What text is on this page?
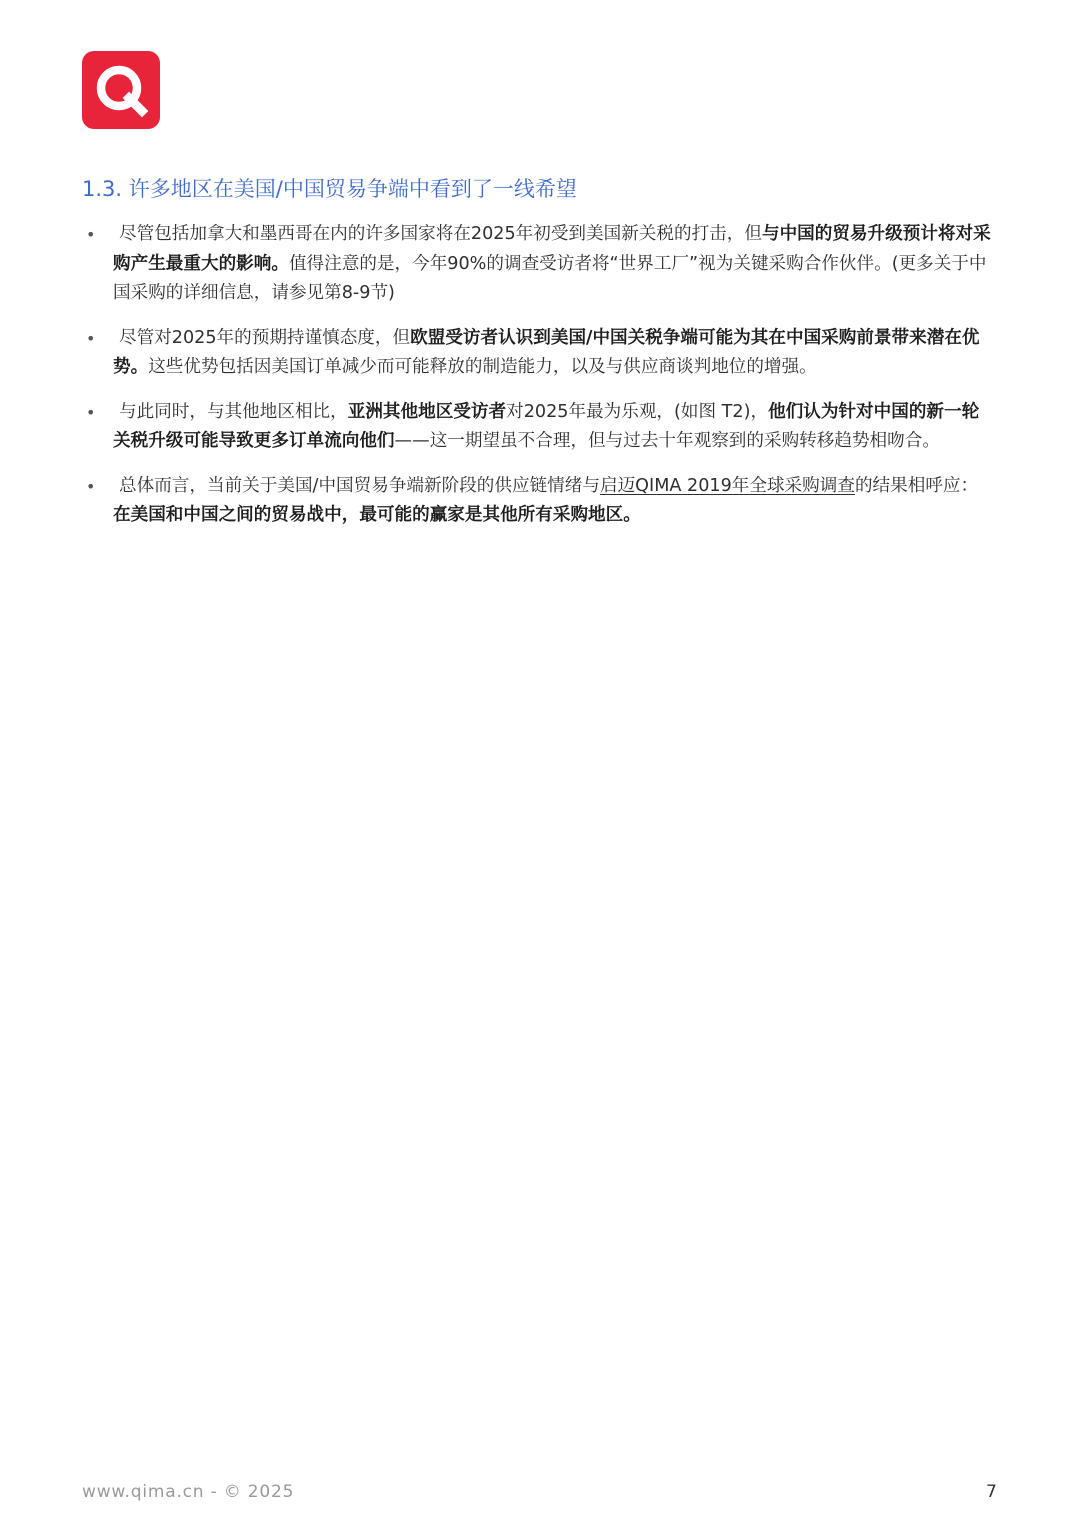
1.3. 许多地区在美国/中国贸易争端中看到了一线希望
•	尽管包括加拿大和墨西哥在内的许多国家将在2025年初受到美国新关税的打击，但与中国的贸易升级预计将对采购产生最重大的影响。值得注意的是，今年90%的调查受访者将“世界工厂”视为关键采购合作伙伴。(更多关于中国采购的详细信息，请参见第8-9节)
•	尽管对2025年的预期持谨慎态度，但欧盟受访者认识到美国/中国关税争端可能为其在中国采购前景带来潜在优势。这些优势包括因美国订单减少而可能释放的制造能力，以及与供应商谈判地位的增强。
•	与此同时，与其他地区相比，亚洲其他地区受访者对2025年最为乐观，(如图 T2)，他们认为针对中国的新一轮关税升级可能导致更多订单流向他们——这一期望虽不合理，但与过去十年观察到的采购转移趋势相吻合。
•	总体而言，当前关于美国/中国贸易争端新阶段的供应链情绪与启迈QIMA 2019年全球采购调查的结果相呼应：在美国和中国之间的贸易战中，最可能的赢家是其他所有采购地区。
www.qima.cn - © 2025	7
